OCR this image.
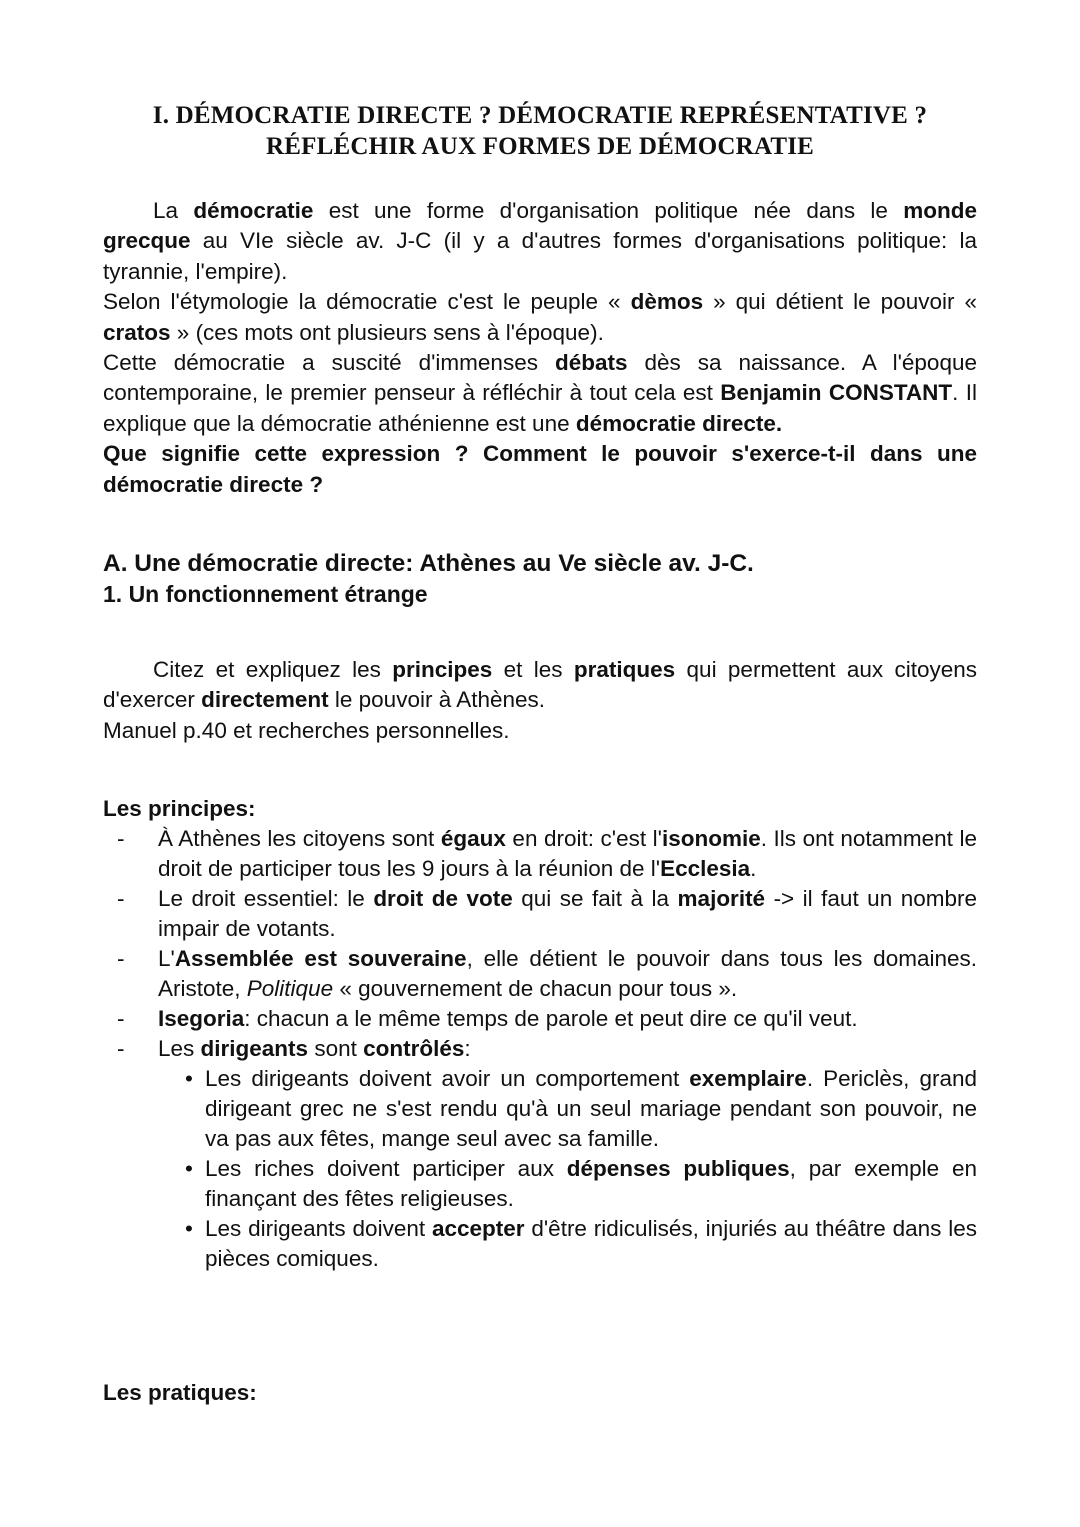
I. DÉMOCRATIE DIRECTE ? DÉMOCRATIE REPRÉSENTATIVE ?
RÉFLÉCHIR AUX FORMES DE DÉMOCRATIE

La démocratie est une forme d'organisation politique née dans le monde grecque au VIe siècle av. J-C (il y a d'autres formes d'organisations politique: la tyrannie, l'empire).

Selon l'étymologie la démocratie c'est le peuple « dèmos » qui détient le pouvoir « cratos » (ces mots ont plusieurs sens à l'époque).

Cette démocratie a suscité d'immenses débats dès sa naissance. A l'époque contemporaine, le premier penseur à réfléchir à tout cela est Benjamin CONSTANT. Il explique que la démocratie athénienne est une démocratie directe.

Que signifie cette expression ? Comment le pouvoir s'exerce-t-il dans une démocratie directe ?

A. Une démocratie directe: Athènes au Ve siècle av. J-C.
1. Un fonctionnement étrange

Citez et expliquez les principes et les pratiques qui permettent aux citoyens d'exercer directement le pouvoir à Athènes.

Manuel p.40 et recherches personnelles.

Les principes:
- À Athènes les citoyens sont égaux en droit: c'est l'isonomie. Ils ont notamment le droit de participer tous les 9 jours à la réunion de l'Ecclesia.
- Le droit essentiel: le droit de vote qui se fait à la majorité -> il faut un nombre impair de votants.
- L'Assemblée est souveraine, elle détient le pouvoir dans tous les domaines. Aristote, Politique « gouvernement de chacun pour tous ».
- Isegoria: chacun a le même temps de parole et peut dire ce qu'il veut.
- Les dirigeants sont contrôlés:
• Les dirigeants doivent avoir un comportement exemplaire. Periclès, grand dirigeant grec ne s'est rendu qu'à un seul mariage pendant son pouvoir, ne va pas aux fêtes, mange seul avec sa famille.
• Les riches doivent participer aux dépenses publiques, par exemple en finançant des fêtes religieuses.
• Les dirigeants doivent accepter d'être ridiculisés, injuriés au théâtre dans les pièces comiques.
Les pratiques:
